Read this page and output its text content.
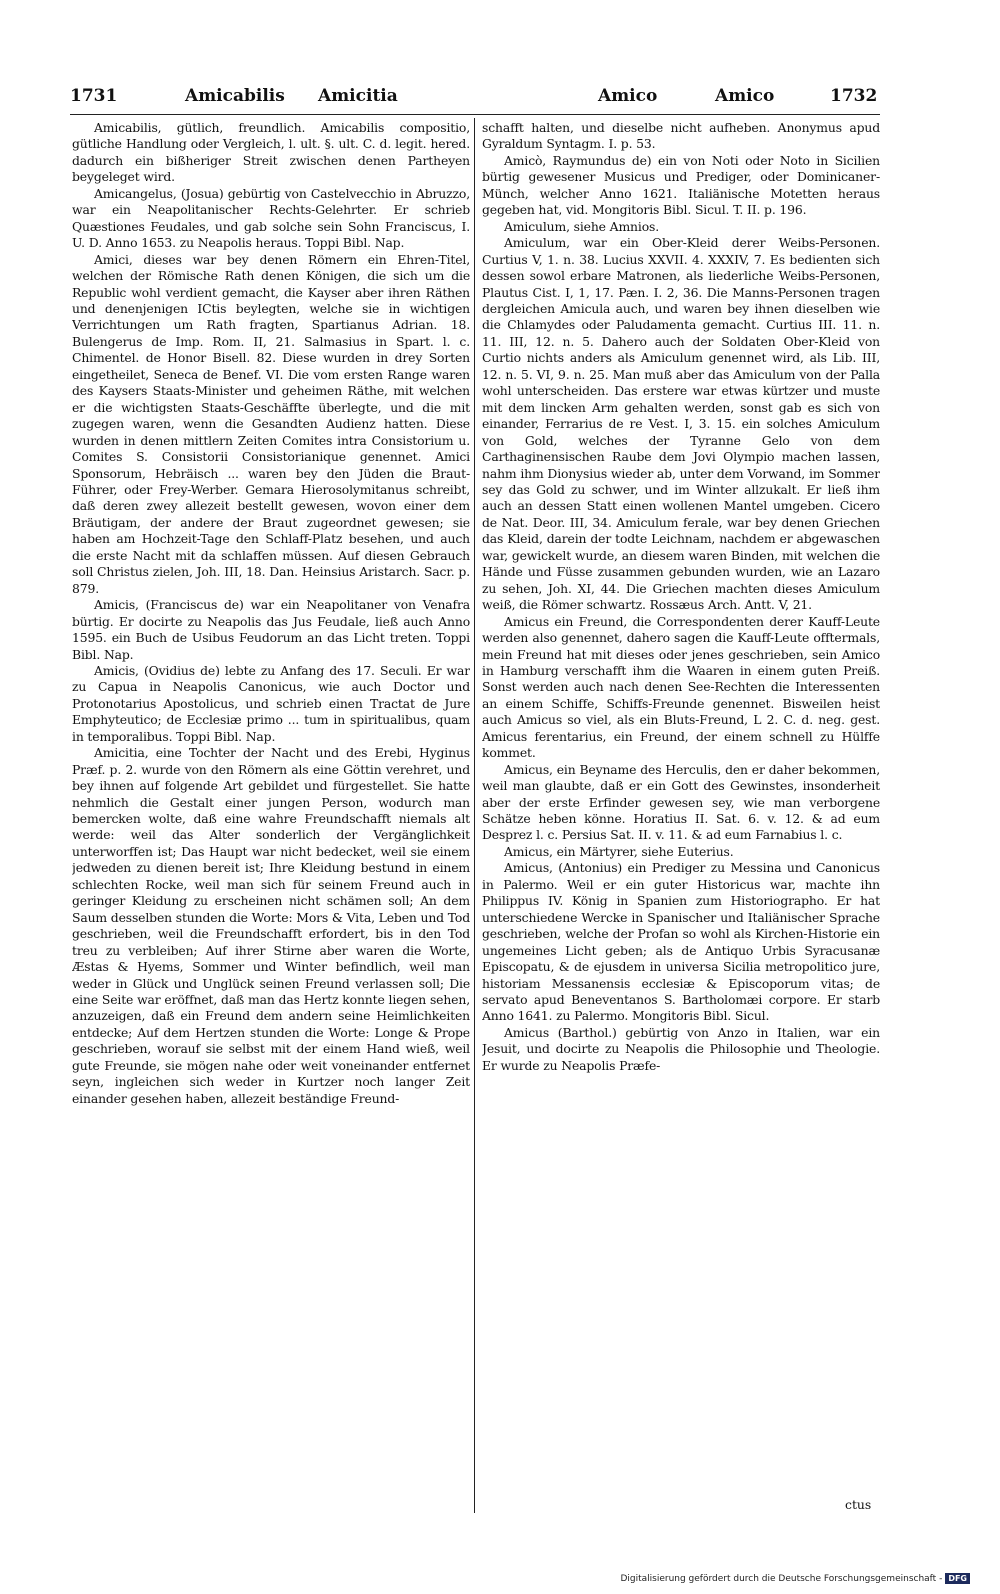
1731	Amicabilis Amicitia	Amico	Amico	1732

Amicabilis, gütlich, freundlich. Amicabilis compositio, gütliche Handlung oder Vergleich, l. ult. §. ult. C. d. legit. hered. dadurch ein bißheriger Streit zwischen denen Partheyen beygeleget wird.

Amicangelus, (Josua) gebürtig von Castelvecchio in Abruzzo, war ein Neapolitanischer Rechts-Gelehrter. Er schrieb Quæstiones Feudales, und gab solche sein Sohn Franciscus, I. U. D. Anno 1653. zu Neapolis heraus. Toppi Bibl. Nap.

Amici, dieses war bey denen Römern ein Ehren-Titel, welchen der Römische Rath denen Königen, die sich um die Republic wohl verdient gemacht, die Kayser aber ihren Räthen und denenjenigen ICtis beylegten, welche sie in wichtigen Verrichtungen um Rath fragten, Spartianus Adrian. 18. Bulengerus de Imp. Rom. II, 21. Salmasius in Spart. l. c. Chimentel. de Honor Bisell. 82. Diese wurden in drey Sorten eingetheilet, Seneca de Benef. VI. Die vom ersten Range waren des Kaysers Staats-Minister und geheimen Räthe, mit welchen er die wichtigsten Staats-Geschäffte überlegte, und die mit zugegen waren, wenn die Gesandten Audienz hatten. Diese wurden in denen mittlern Zeiten Comites intra Consistorium u. Comites S. Consistorii Consistorianique genennet. Amici Sponsorum, Hebräisch ... waren bey den Jüden die Braut-Führer, oder Frey-Werber. Gemara Hierosolymitanus schreibt, daß deren zwey allezeit bestellt gewesen, wovon einer dem Bräutigam, der andere der Braut zugeordnet gewesen; sie haben am Hochzeit-Tage den Schlaff-Platz besehen, und auch die erste Nacht mit da schlaffen müssen. Auf diesen Gebrauch soll Christus zielen, Joh. III, 18. Dan. Heinsius Aristarch. Sacr. p. 879.

Amicis, (Franciscus de) war ein Neapolitaner von Venafra bürtig. Er docirte zu Neapolis das Jus Feudale, ließ auch Anno 1595. ein Buch de Usibus Feudorum an das Licht treten. Toppi Bibl. Nap.

Amicis, (Ovidius de) lebte zu Anfang des 17. Seculi. Er war zu Capua in Neapolis Canonicus, wie auch Doctor und Protonotarius Apostolicus, und schrieb einen Tractat de Jure Emphyteutico; de Ecclesiæ primo ... tum in spiritualibus, quam in temporalibus. Toppi Bibl. Nap.

Amicitia, eine Tochter der Nacht und des Erebi, Hyginus Præf. p. 2. wurde von den Römern als eine Göttin verehret, und bey ihnen auf folgende Art gebildet und fürgestellet. Sie hatte nehmlich die Gestalt einer jungen Person, wodurch man bemercken wolte, daß eine wahre Freundschafft niemals alt werde: weil das Alter sonderlich der Vergänglichkeit unterworffen ist; Das Haupt war nicht bedecket, weil sie einem jedweden zu dienen bereit ist; Ihre Kleidung bestund in einem schlechten Rocke, weil man sich für seinem Freund auch in geringer Kleidung zu erscheinen nicht schämen soll; An dem Saum desselben stunden die Worte: Mors & Vita, Leben und Tod geschrieben, weil die Freundschafft erfordert, bis in den Tod treu zu verbleiben; Auf ihrer Stirne aber waren die Worte, Æstas & Hyems, Sommer und Winter befindlich, weil man weder in Glück und Unglück seinen Freund verlassen soll; Die eine Seite war eröffnet, daß man das Hertz konnte liegen sehen, anzuzeigen, daß ein Freund dem andern seine Heimlichkeiten entdecke; Auf dem Hertzen stunden die Worte: Longe & Prope geschrieben, worauf sie selbst mit der einem Hand wieß, weil gute Freunde, sie mögen nahe oder weit voneinander entfernet seyn, ingleichen sich weder in Kurtzer noch langer Zeit einander gesehen haben, allezeit beständige Freund-

schafft halten, und dieselbe nicht aufheben. Anonymus apud Gyraldum Syntagm. I. p. 53.

Amicò, Raymundus de) ein von Noti oder Noto in Sicilien bürtig gewesener Musicus und Prediger, oder Dominicaner-Münch, welcher Anno 1621. Italiänische Motetten heraus gegeben hat, vid. Mongitoris Bibl. Sicul. T. II. p. 196.

Amiculum, siehe Amnios.

Amiculum, war ein Ober-Kleid derer Weibs-Personen. Curtius V, 1. n. 38. Lucius XXVII. 4. XXXIV, 7. Es bedienten sich dessen sowol erbare Matronen, als liederliche Weibs-Personen, Plautus Cist. I, 1, 17. Pæn. I. 2, 36. Die Manns-Personen tragen dergleichen Amicula auch, und waren bey ihnen dieselben wie die Chlamydes oder Paludamenta gemacht. Curtius III. 11. n. 11. III, 12. n. 5. Dahero auch der Soldaten Ober-Kleid von Curtio nichts anders als Amiculum genennet wird, als Lib. III, 12. n. 5. VI, 9. n. 25. Man muß aber das Amiculum von der Palla wohl unterscheiden. Das erstere war etwas kürtzer und muste mit dem lincken Arm gehalten werden, sonst gab es sich von einander, Ferrarius de re Vest. I, 3. 15. ein solches Amiculum von Gold, welches der Tyranne Gelo von dem Carthaginensischen Raube dem Jovi Olympio machen lassen, nahm ihm Dionysius wieder ab, unter dem Vorwand, im Sommer sey das Gold zu schwer, und im Winter allzukalt. Er ließ ihm auch an dessen Statt einen wollenen Mantel umgeben. Cicero de Nat. Deor. III, 34. Amiculum ferale, war bey denen Griechen das Kleid, darein der todte Leichnam, nachdem er abgewaschen war, gewickelt wurde, an diesem waren Binden, mit welchen die Hände und Füsse zusammen gebunden wurden, wie an Lazaro zu sehen, Joh. XI, 44. Die Griechen machten dieses Amiculum weiß, die Römer schwartz. Rossæus Arch. Antt. V, 21.

Amicus ein Freund, die Correspondenten derer Kauff-Leute werden also genennet, dahero sagen die Kauff-Leute offtermals, mein Freund hat mit dieses oder jenes geschrieben, sein Amico in Hamburg verschafft ihm die Waaren in einem guten Preiß. Sonst werden auch nach denen See-Rechten die Interessenten an einem Schiffe, Schiffs-Freunde genennet. Bisweilen heist auch Amicus so viel, als ein Bluts-Freund, L 2. C. d. neg. gest. Amicus ferentarius, ein Freund, der einem schnell zu Hülffe kommet.

Amicus, ein Beyname des Herculis, den er daher bekommen, weil man glaubte, daß er ein Gott des Gewinstes, insonderheit aber der erste Erfinder gewesen sey, wie man verborgene Schätze heben könne. Horatius II. Sat. 6. v. 12. & ad eum Desprez l. c. Persius Sat. II. v. 11. & ad eum Farnabius l. c.

Amicus, ein Märtyrer, siehe Euterius.

Amicus, (Antonius) ein Prediger zu Messina und Canonicus in Palermo. Weil er ein guter Historicus war, machte ihn Philippus IV. König in Spanien zum Historiographo. Er hat unterschiedene Wercke in Spanischer und Italiänischer Sprache geschrieben, welche der Profan so wohl als Kirchen-Historie ein ungemeines Licht geben; als de Antiquo Urbis Syracusanæ Episcopatu, & de ejusdem in universa Sicilia metropolitico jure, historiam Messanensis ecclesiæ & Episcoporum vitas; de servato apud Beneventanos S. Bartholomæi corpore. Er starb Anno 1641. zu Palermo. Mongitoris Bibl. Sicul.

Amicus (Barthol.) gebürtig von Anzo in Italien, war ein Jesuit, und docirte zu Neapolis die Philosophie und Theologie. Er wurde zu Neapolis Præfe-

ctus
Digitalisierung gefördert durch die Deutsche Forschungsgemeinschaft - DFG
